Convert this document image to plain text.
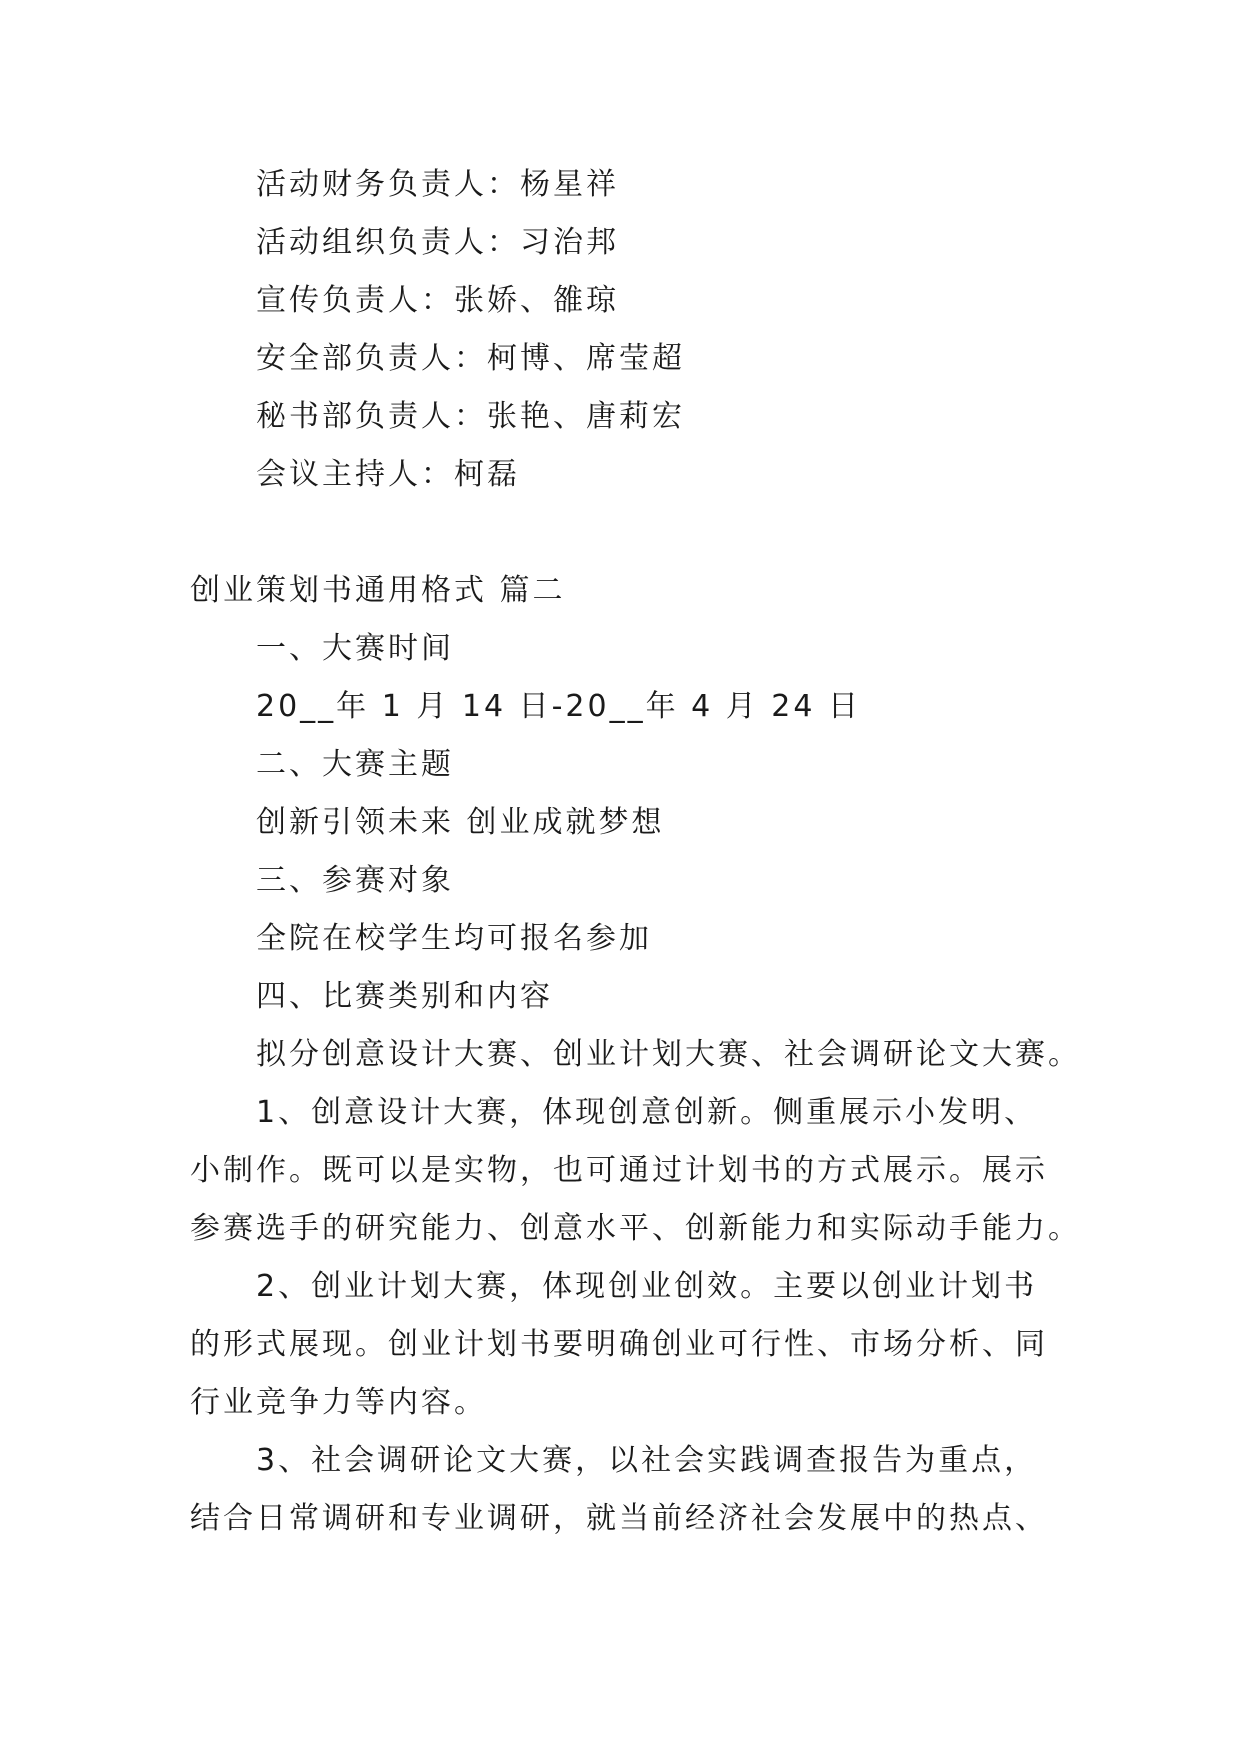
活动财务负责人：杨星祥

活动组织负责人：习治邦

宣传负责人：张娇、雒琼

安全部负责人：柯博、席莹超

秘书部负责人：张艳、唐莉宏

会议主持人：柯磊

创业策划书通用格式 篇二

一、大赛时间

20__年 1 月 14 日-20__年 4 月 24 日

二、大赛主题

创新引领未来 创业成就梦想

三、参赛对象

全院在校学生均可报名参加

四、比赛类别和内容

拟分创意设计大赛、创业计划大赛、社会调研论文大赛。

1、创意设计大赛，体现创意创新。侧重展示小发明、

小制作。既可以是实物，也可通过计划书的方式展示。展示

参赛选手的研究能力、创意水平、创新能力和实际动手能力。

2、创业计划大赛，体现创业创效。主要以创业计划书

的形式展现。创业计划书要明确创业可行性、市场分析、同

行业竞争力等内容。

3、社会调研论文大赛，以社会实践调查报告为重点，

结合日常调研和专业调研，就当前经济社会发展中的热点、
